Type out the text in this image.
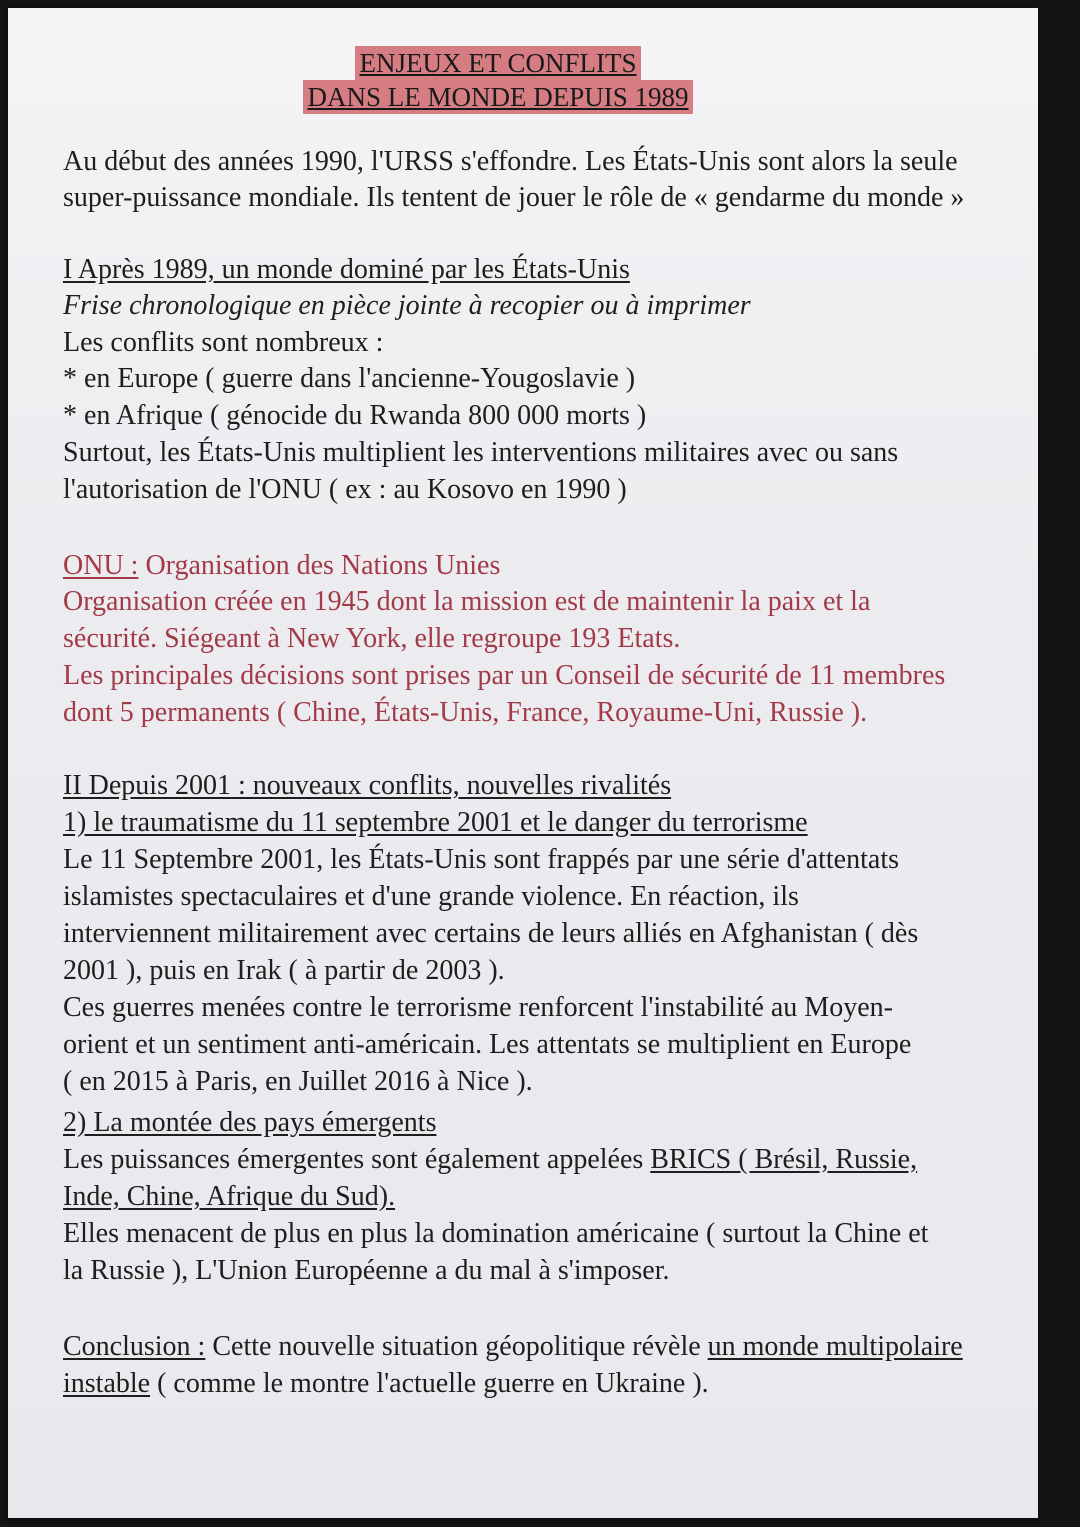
ENJEUX ET CONFLITS
DANS LE MONDE DEPUIS 1989

Au début des années 1990, l'URSS s'effondre. Les États-Unis sont alors la seule

super-puissance mondiale. Ils tentent de jouer le rôle de « gendarme du monde »

I Après 1989, un monde dominé par les États-Unis

Frise chronologique en pièce jointe à recopier ou à imprimer

Les conflits sont nombreux :

* en Europe ( guerre dans l'ancienne-Yougoslavie )

* en Afrique ( génocide du Rwanda 800 000 morts )

Surtout, les États-Unis multiplient les interventions militaires avec ou sans

l'autorisation de l'ONU ( ex : au Kosovo en 1990 )

ONU : Organisation des Nations Unies

Organisation créée en 1945 dont la mission est de maintenir la paix et la

sécurité. Siégeant à New York, elle regroupe 193 Etats.

Les principales décisions sont prises par un Conseil de sécurité de 11 membres

dont 5 permanents ( Chine, États-Unis, France, Royaume-Uni, Russie ).

II Depuis 2001 : nouveaux conflits, nouvelles rivalités

1) le traumatisme du 11 septembre 2001 et le danger du terrorisme

Le 11 Septembre 2001, les États-Unis sont frappés par une série d'attentats

islamistes spectaculaires et d'une grande violence. En réaction, ils

interviennent militairement avec certains de leurs alliés en Afghanistan ( dès

2001 ), puis en Irak ( à partir de 2003 ).

Ces guerres menées contre le terrorisme renforcent l'instabilité au Moyen-

orient et un sentiment anti-américain. Les attentats se multiplient en Europe

( en 2015 à Paris, en Juillet 2016 à Nice ).

2) La montée des pays émergents

Les puissances émergentes sont également appelées BRICS ( Brésil, Russie,

Inde, Chine, Afrique du Sud).

Elles menacent de plus en plus la domination américaine ( surtout la Chine et

la Russie ), L'Union Européenne a du mal à s'imposer.

Conclusion : Cette nouvelle situation géopolitique révèle un monde multipolaire

instable ( comme le montre l'actuelle guerre en Ukraine ).
